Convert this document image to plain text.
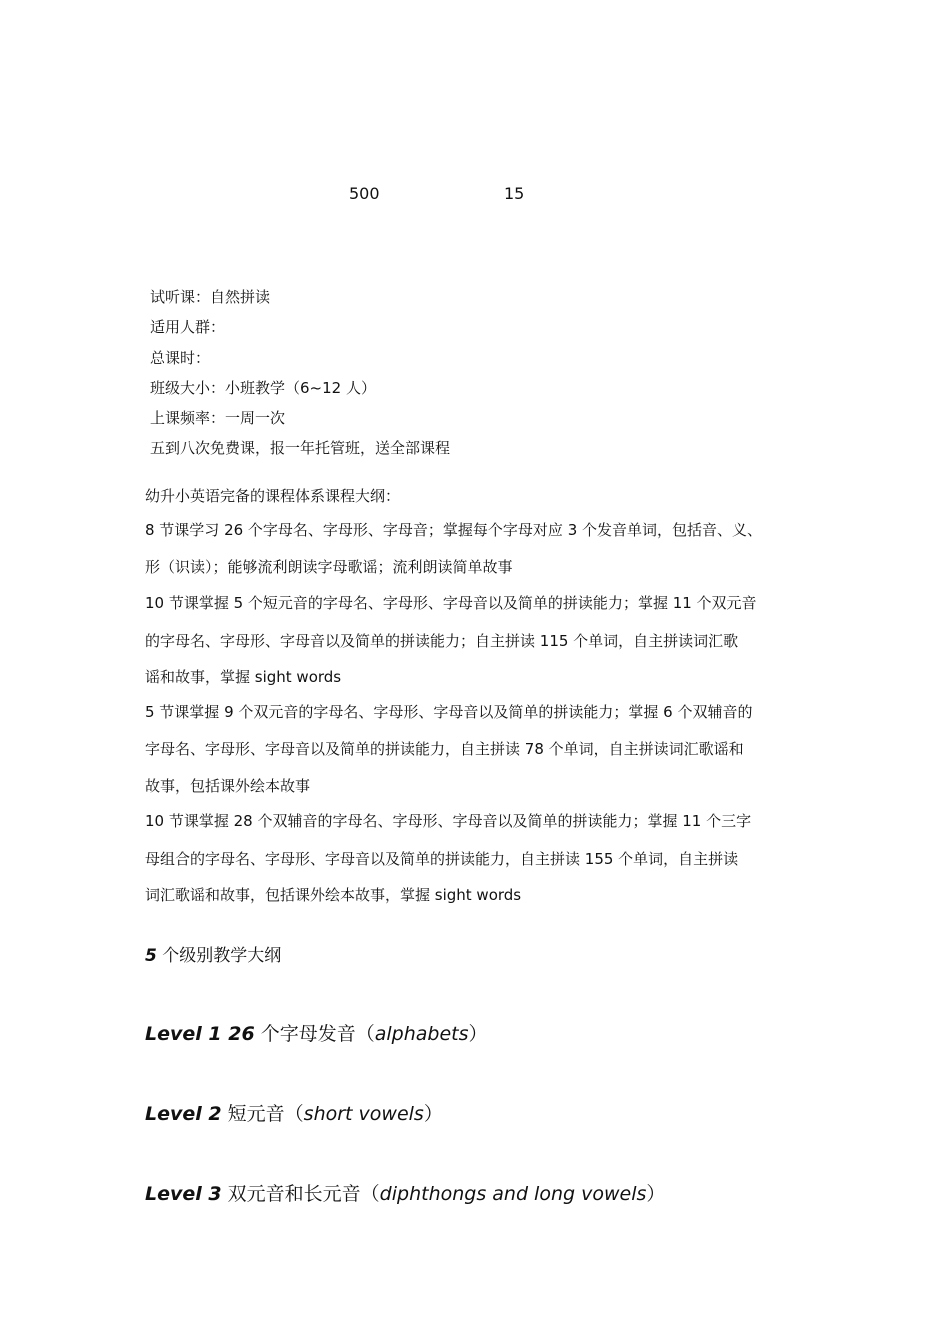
500	15
试听课：自然拼读
适用人群：
总课时：
班级大小：小班教学（6~12 人）
上课频率：一周一次
五到八次免费课，报一年托管班，送全部课程
幼升小英语完备的课程体系课程大纲：
8 节课学习 26 个字母名、字母形、字母音；掌握每个字母对应 3 个发音单词，包括音、义、
形（识读）；能够流利朗读字母歌谣；流利朗读简单故事
10 节课掌握 5 个短元音的字母名、字母形、字母音以及简单的拼读能力；掌握 11 个双元音
的字母名、字母形、字母音以及简单的拼读能力；自主拼读 115 个单词，自主拼读词汇歌
谣和故事，掌握 sight words
5 节课掌握 9 个双元音的字母名、字母形、字母音以及简单的拼读能力；掌握 6 个双辅音的
字母名、字母形、字母音以及简单的拼读能力，自主拼读 78 个单词，自主拼读词汇歌谣和
故事，包括课外绘本故事
10 节课掌握 28 个双辅音的字母名、字母形、字母音以及简单的拼读能力；掌握 11 个三字
母组合的字母名、字母形、字母音以及简单的拼读能力，自主拼读 155 个单词，自主拼读
词汇歌谣和故事，包括课外绘本故事，掌握 sight words
5 个级别教学大纲
Level 1 26 个字母发音（alphabets）
Level 2 短元音（short vowels）
Level 3 双元音和长元音（diphthongs and long vowels）
